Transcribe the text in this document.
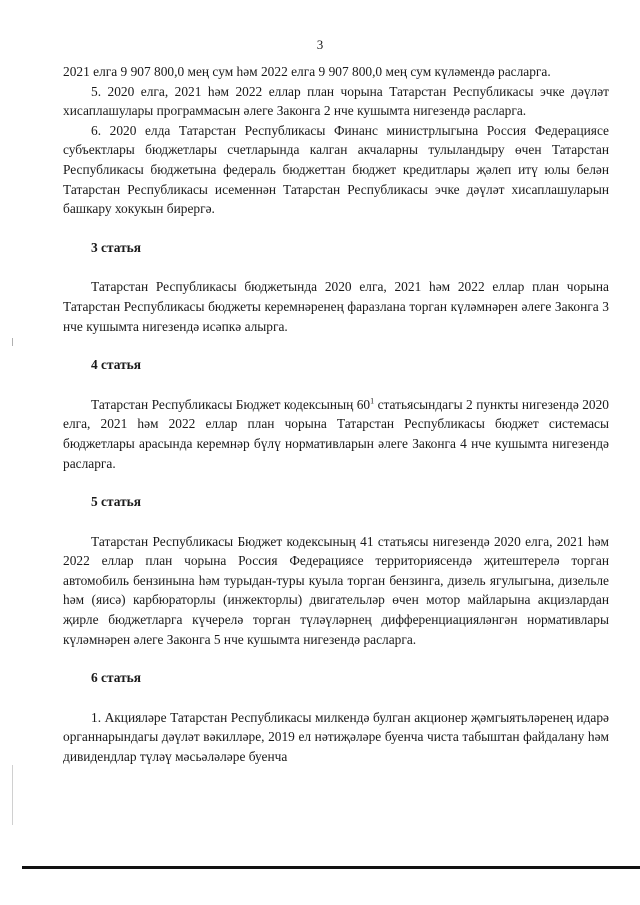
3

2021 елга 9 907 800,0 мең сум һәм 2022 елга 9 907 800,0 мең сум күләмендә расларга.

5. 2020 елга, 2021 һәм 2022 еллар план чорына Татарстан Республикасы эчке дәүләт хисаплашулары программасын әлеге Законга 2 нче кушымта нигезендә расларга.

6. 2020 елда Татарстан Республикасы Финанс министрлыгына Россия Федерациясе субъектлары бюджетлары счетларында калган акчаларны тулыландыру өчен Татарстан Республикасы бюджетына федераль бюджеттан бюджет кредитлары җәлеп итү юлы белән Татарстан Республикасы исеменнән Татарстан Республикасы эчке дәүләт хисаплашуларын башкару хокукын бирергә.

3 статья

Татарстан Республикасы бюджетында 2020 елга, 2021 һәм 2022 еллар план чорына Татарстан Республикасы бюджеты керемнәренең фаразлана торган күләмнәрен әлеге Законга 3 нче кушымта нигезендә исәпкә алырга.

4 статья

Татарстан Республикасы Бюджет кодексының $60^1$ статьясындагы 2 пункты нигезендә 2020 елга, 2021 һәм 2022 еллар план чорына Татарстан Республикасы бюджет системасы бюджетлары арасында керемнәр бүлү нормативларын әлеге Законга 4 нче кушымта нигезендә расларга.

5 статья

Татарстан Республикасы Бюджет кодексының 41 статьясы нигезендә 2020 елга, 2021 һәм 2022 еллар план чорына Россия Федерациясе территориясендә җитештерелә торган автомобиль бензинына һәм турыдан-туры куыла торган бензинга, дизель ягулыгына, дизельле һәм (яисә) карбюраторлы (инжекторлы) двигательләр өчен мотор майларына акцизлардан җирле бюджетларга күчерелә торган түләүләрнең дифференциацияләнгән нормативлары күләмнәрен әлеге Законга 5 нче кушымта нигезендә расларга.

6 статья

1. Акцияләре Татарстан Республикасы милкендә булган акционер җәмгыятьләренең идарә органнарындагы дәүләт вәкилләре, 2019 ел нәтиҗәләре буенча чиста табыштан файдалану һәм дивидендлар түләү мәсьәләләре буенча
